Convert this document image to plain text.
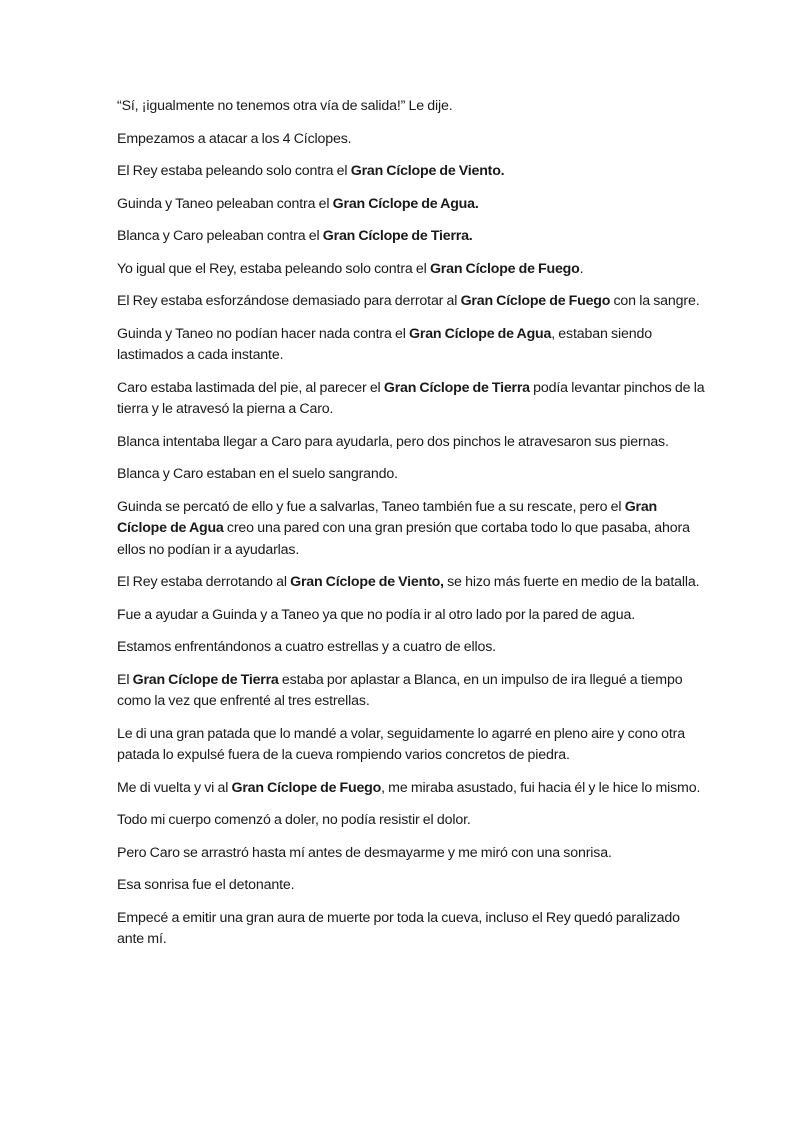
“Sí, ¡igualmente no tenemos otra vía de salida!” Le dije.

Empezamos a atacar a los 4 Cíclopes.

El Rey estaba peleando solo contra el Gran Cíclope de Viento.

Guinda y Taneo peleaban contra el Gran Cíclope de Agua.

Blanca y Caro peleaban contra el Gran Cíclope de Tierra.

Yo igual que el Rey, estaba peleando solo contra el Gran Cíclope de Fuego.

El Rey estaba esforzándose demasiado para derrotar al Gran Cíclope de Fuego con la sangre.

Guinda y Taneo no podían hacer nada contra el Gran Cíclope de Agua, estaban siendo lastimados a cada instante.

Caro estaba lastimada del pie, al parecer el Gran Cíclope de Tierra podía levantar pinchos de la tierra y le atravesó la pierna a Caro.

Blanca intentaba llegar a Caro para ayudarla, pero dos pinchos le atravesaron sus piernas.

Blanca y Caro estaban en el suelo sangrando.

Guinda se percató de ello y fue a salvarlas, Taneo también fue a su rescate, pero el Gran Cíclope de Agua creo una pared con una gran presión que cortaba todo lo que pasaba, ahora ellos no podían ir a ayudarlas.

El Rey estaba derrotando al Gran Cíclope de Viento, se hizo más fuerte en medio de la batalla.

Fue a ayudar a Guinda y a Taneo ya que no podía ir al otro lado por la pared de agua.

Estamos enfrentándonos a cuatro estrellas y a cuatro de ellos.

El Gran Cíclope de Tierra estaba por aplastar a Blanca, en un impulso de ira llegué a tiempo como la vez que enfrenté al tres estrellas.

Le di una gran patada que lo mandé a volar, seguidamente lo agarré en pleno aire y cono otra patada lo expulsé fuera de la cueva rompiendo varios concretos de piedra.

Me di vuelta y vi al Gran Cíclope de Fuego, me miraba asustado, fui hacia él y le hice lo mismo.

Todo mi cuerpo comenzó a doler, no podía resistir el dolor.

Pero Caro se arrastró hasta mí antes de desmayarme y me miró con una sonrisa.

Esa sonrisa fue el detonante.

Empecé a emitir una gran aura de muerte por toda la cueva, incluso el Rey quedó paralizado ante mí.
